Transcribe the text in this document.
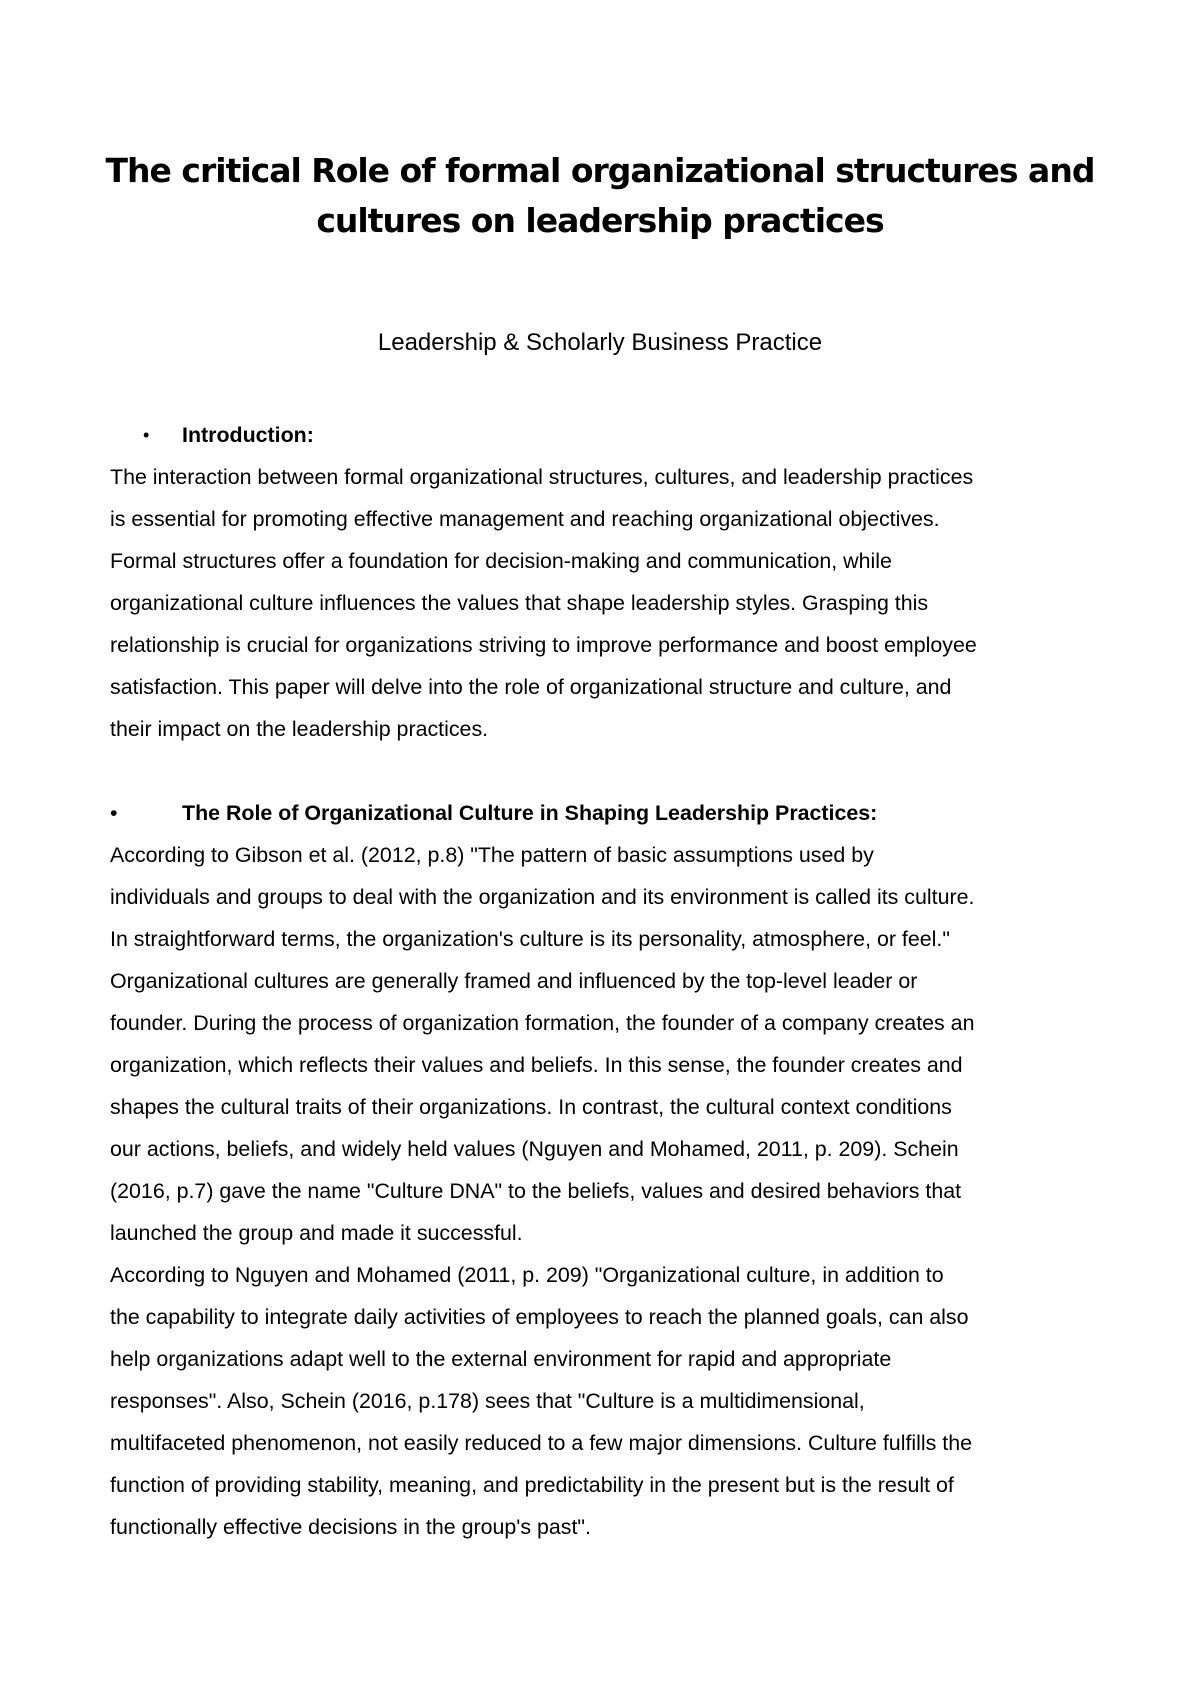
The critical Role of formal organizational structures and
cultures on leadership practices

Leadership & Scholarly Business Practice

• Introduction:
The interaction between formal organizational structures, cultures, and leadership practices
is essential for promoting effective management and reaching organizational objectives.
Formal structures offer a foundation for decision-making and communication, while
organizational culture influences the values that shape leadership styles. Grasping this
relationship is crucial for organizations striving to improve performance and boost employee
satisfaction. This paper will delve into the role of organizational structure and culture, and
their impact on the leadership practices.
•	The Role of Organizational Culture in Shaping Leadership Practices:
According to Gibson et al. (2012, p.8) "The pattern of basic assumptions used by
individuals and groups to deal with the organization and its environment is called its culture.
In straightforward terms, the organization's culture is its personality, atmosphere, or feel."
Organizational cultures are generally framed and influenced by the top-level leader or
founder. During the process of organization formation, the founder of a company creates an
organization, which reflects their values and beliefs. In this sense, the founder creates and
shapes the cultural traits of their organizations. In contrast, the cultural context conditions
our actions, beliefs, and widely held values (Nguyen and Mohamed, 2011, p. 209). Schein
(2016, p.7) gave the name "Culture DNA" to the beliefs, values and desired behaviors that
launched the group and made it successful.
According to Nguyen and Mohamed (2011, p. 209) "Organizational culture, in addition to
the capability to integrate daily activities of employees to reach the planned goals, can also
help organizations adapt well to the external environment for rapid and appropriate
responses". Also, Schein (2016, p.178) sees that "Culture is a multidimensional,
multifaceted phenomenon, not easily reduced to a few major dimensions. Culture fulfills the
function of providing stability, meaning, and predictability in the present but is the result of
functionally effective decisions in the group's past".
